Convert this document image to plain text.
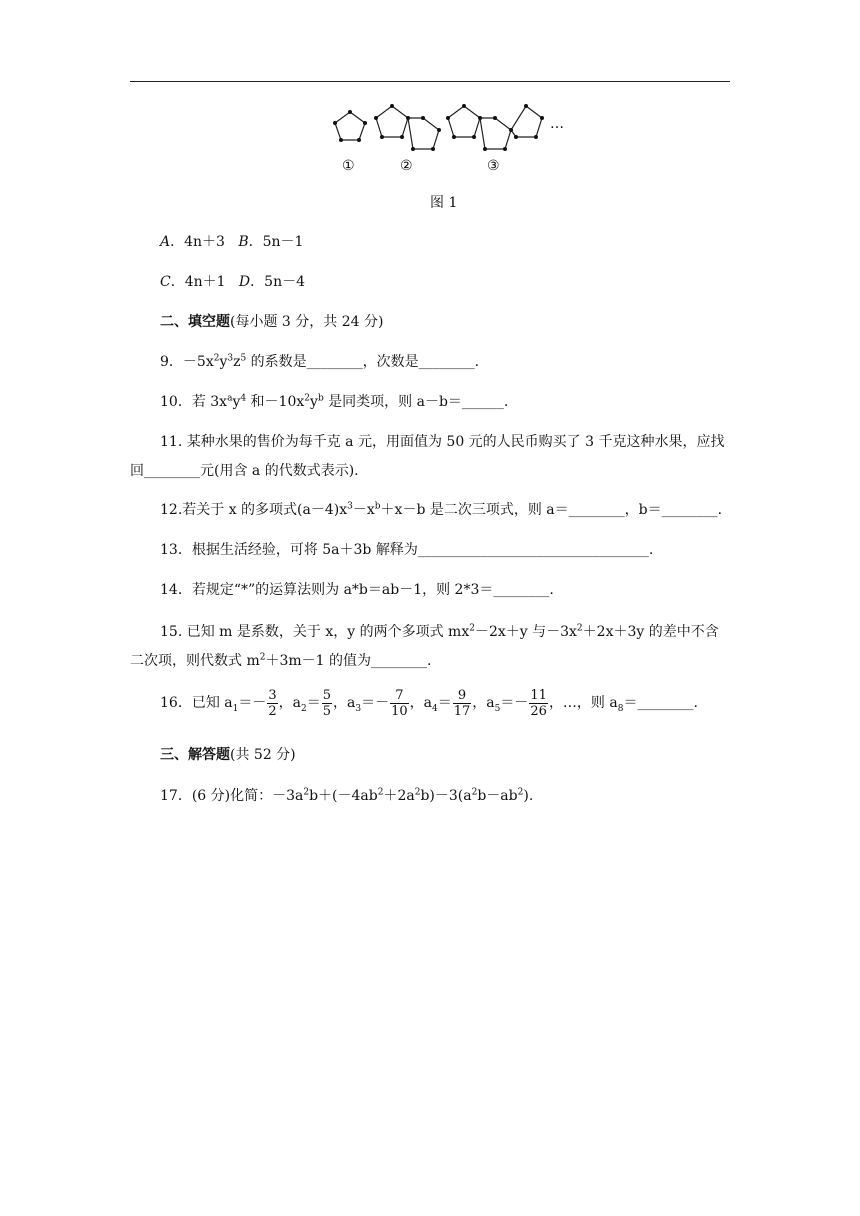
①	②	③
…
图 1
A．4n＋3 B．5n－1
C．4n＋1 D．5n－4
二、填空题(每小题 3 分，共 24 分)
9．$-5x^2y^3z^5$ 的系数是________，次数是________.
10．若 $3x^ay^4$ 和$-10x^2y^b$ 是同类项，则 a－b＝______.
11. 某种水果的售价为每千克 a 元，用面值为 50 元的人民币购买了 3 千克这种水果，应找回________元(用含 a 的代数式表示).
12.若关于 x 的多项式$(a-4)x^3-x^b+x-b$ 是二次三项式，则 a＝________，b＝________.
13．根据生活经验，可将 5a＋3b 解释为_________________________________.
14．若规定“*”的运算法则为 a*b＝ab－1，则 2*3＝________.
15. 已知 m 是系数，关于 x，y 的两个多项式 $mx^2-2x+y$ 与$-3x^2+2x+3y$ 的差中不含二次项，则代数式 $m^2+3m-1$ 的值为________.
16．已知 $a_1=- \frac{3}{2}$ ，$a_2= \frac{5}{5}$ ，$a_3=- \frac{7}{10}$ ，$a_4= \frac{9}{17}$ ，$a_5=- \frac{11}{26}$ ，…，则 $a_8=\_\_\_\_\_\_\_\_$.
三、解答题(共 52 分)
17．(6 分)化简：$-3a^2b+(-4ab^2+2a^2b)-3(a^2b-ab^2)$.
